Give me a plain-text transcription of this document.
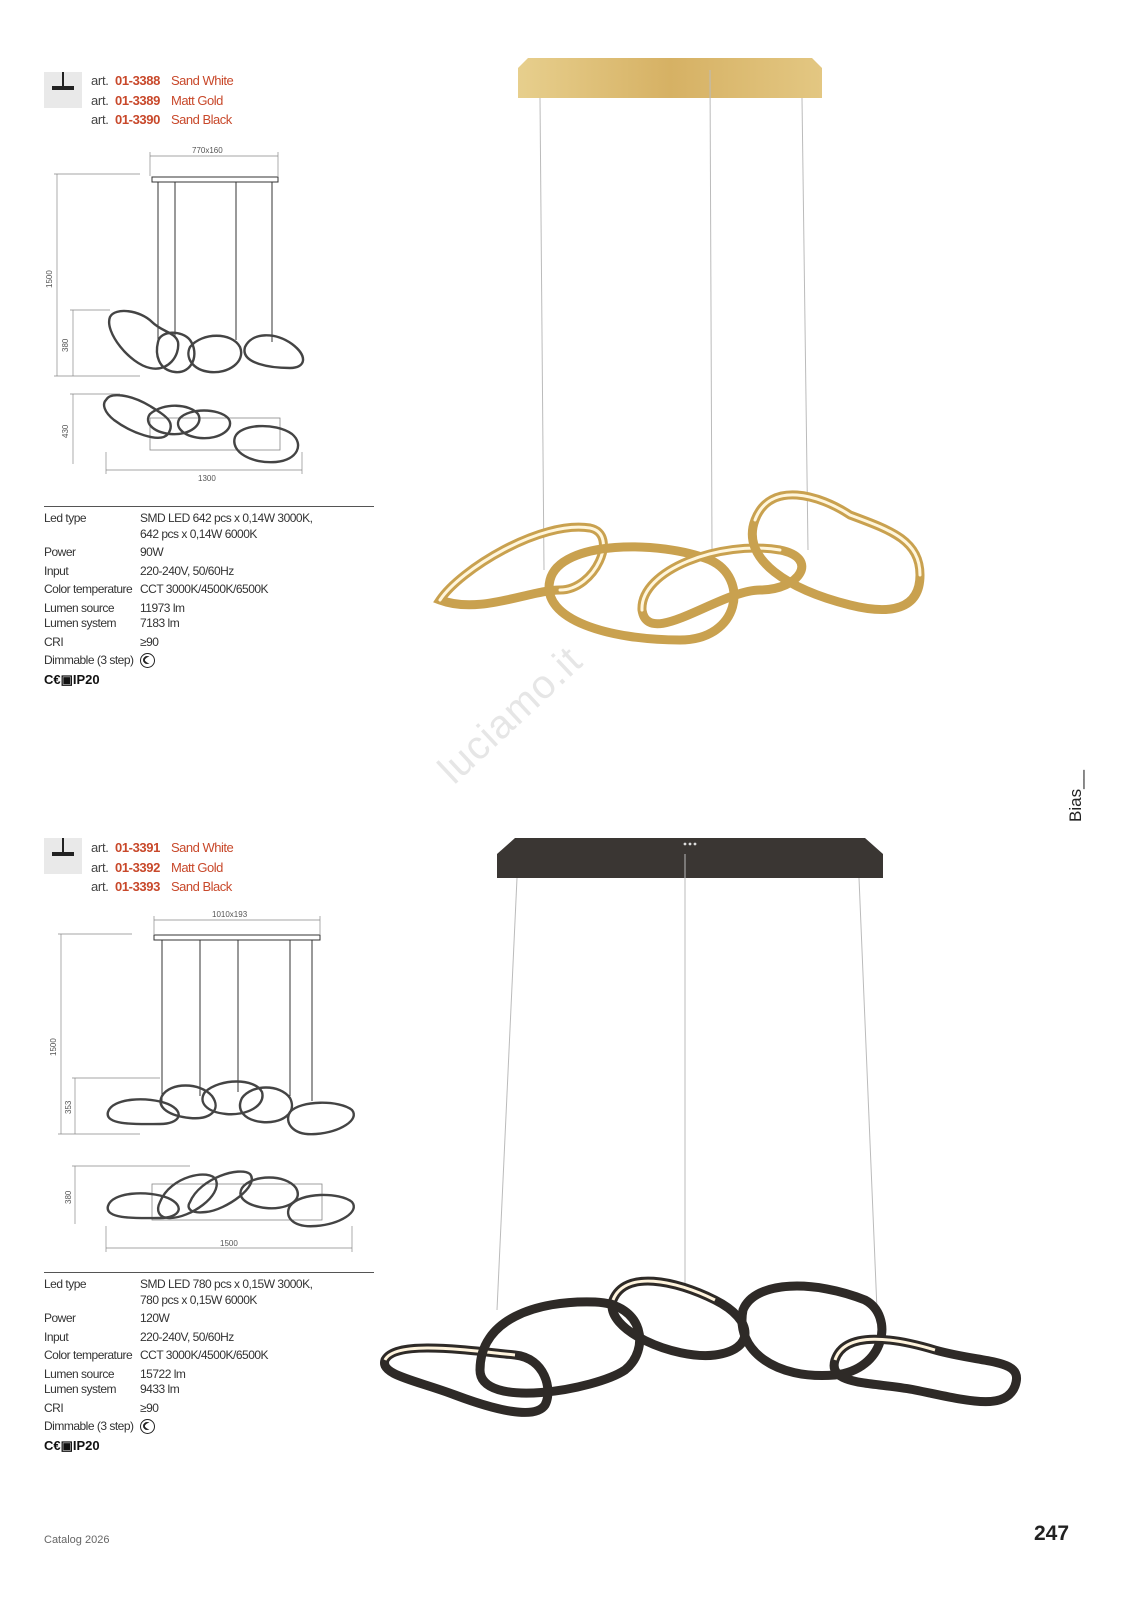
art. 01-3388 Sand White
art. 01-3389 Matt Gold
art. 01-3390 Sand Black
770x160
1500
380
430
1300
Led type	SMD LED 642 pcs x 0,14W 3000K,
642 pcs x 0,14W 6000K
Power	90W
Input	220-240V, 50/60Hz
Color temperature CCT 3000K/4500K/6500K
Lumen source	11973 lm
Lumen system	7183 lm
CRI	≥90
Dimmable (3 step)
C€▣IP20	luciamo.it
Bias__
art. 01-3391 Sand White
art. 01-3392 Matt Gold
art. 01-3393 Sand Black
1010x193
1500
353
380
1500
Led type	SMD LED 780 pcs x 0,15W 3000K,
780 pcs x 0,15W 6000K
Power	120W
Input	220-240V, 50/60Hz
Color temperature CCT 3000K/4500K/6500K
Lumen source	15722 lm
Lumen system	9433 lm
CRI	≥90
Dimmable (3 step)
C€▣IP20
Catalog 2026	247
